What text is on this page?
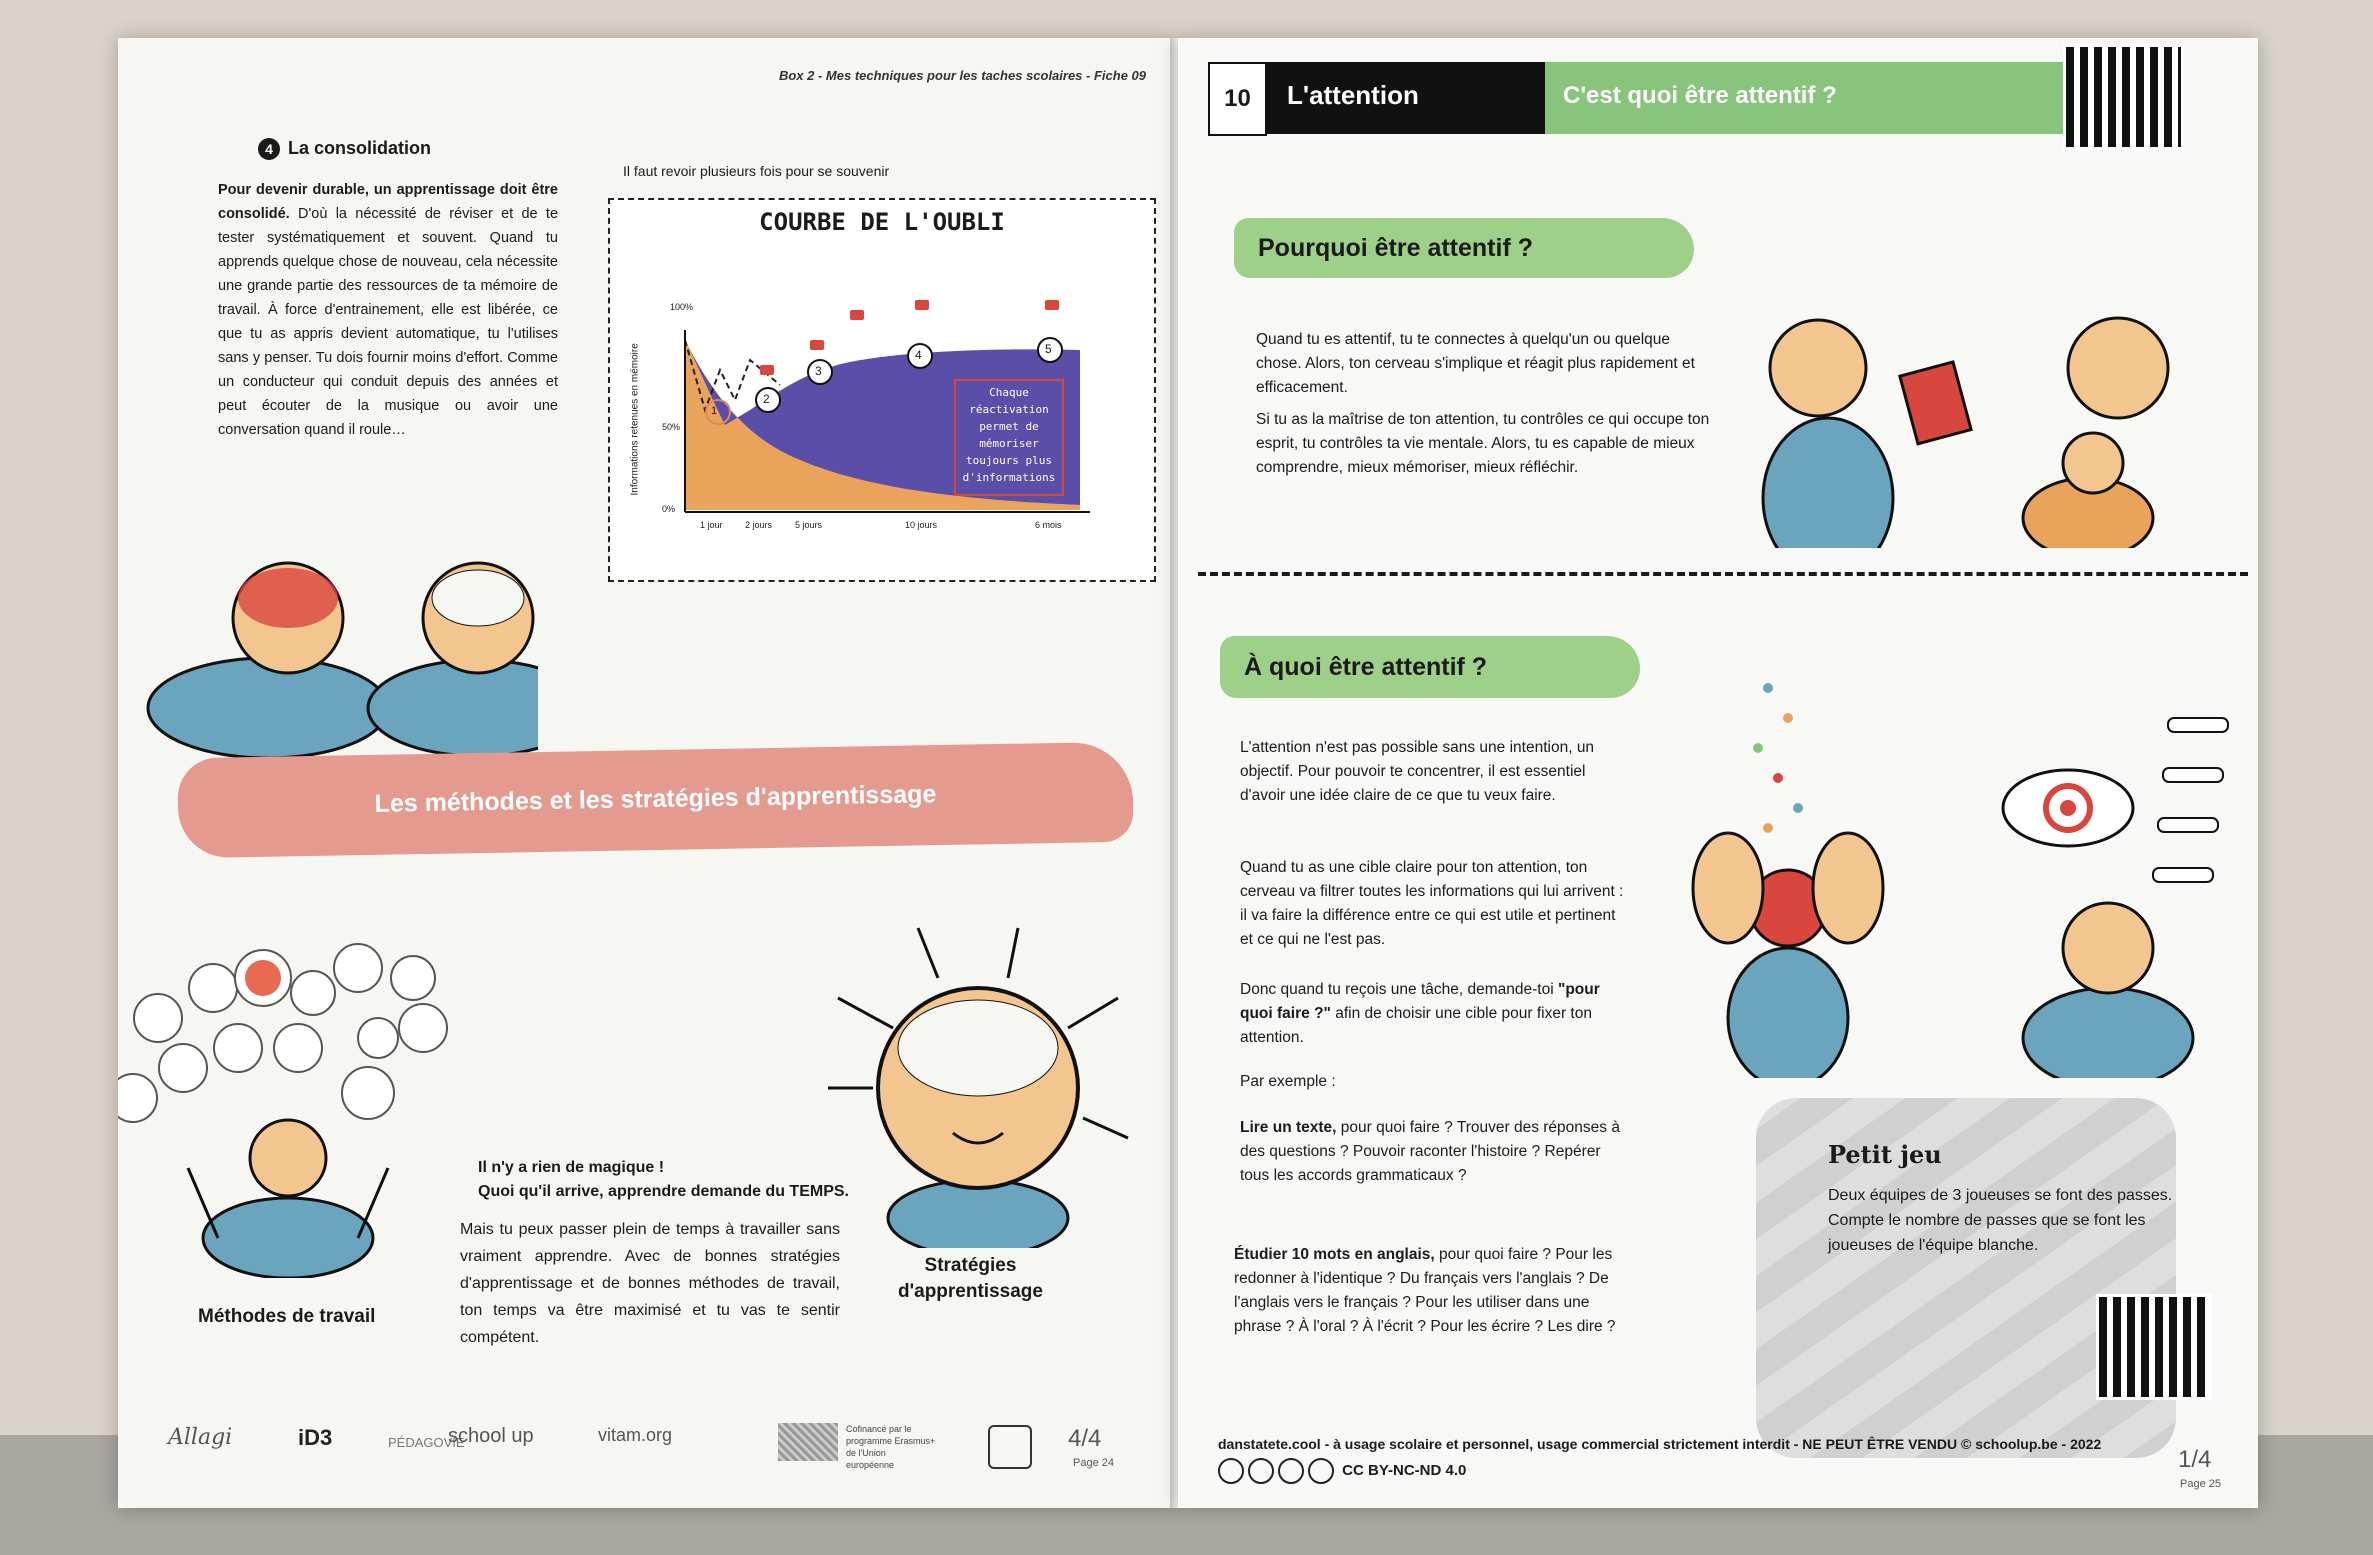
Box 2 - Mes techniques pour les taches scolaires - Fiche 09
4 La consolidation
Pour devenir durable, un apprentissage doit être consolidé. D'où la nécessité de réviser et de te tester systématiquement et souvent. Quand tu apprends quelque chose de nouveau, cela nécessite une grande partie des ressources de ta mémoire de travail. À force d'entrainement, elle est libérée, ce que tu as appris devient automatique, tu l'utilises sans y penser. Tu dois fournir moins d'effort. Comme un conducteur qui conduit depuis des années et peut écouter de la musique ou avoir une conversation quand il roule…
Il faut revoir plusieurs fois pour se souvenir
COURBE DE L'OUBLI
Chaque réactivation permet de mémoriser toujours plus d'informations
100%
50%
0%
Informations retenues en mémoire
1 jour 2 jours	5 jours	10 jours	6 mois
1
2
3
4	5
Les méthodes et les stratégies d'apprentissage
Il n'y a rien de magique !
Quoi qu'il arrive, apprendre demande du TEMPS.
Mais tu peux passer plein de temps à travailler sans vraiment apprendre. Avec de bonnes stratégies d'apprentissage et de bonnes méthodes de travail, ton temps va être maximisé et tu vas te sentir compétent.
Méthodes de travail
Stratégies
d'apprentissage
Allagi	iD3	PÉDAGOVIE
school up	vitam.org	Cofinancé par le programme Erasmus+ de l'Union européenne
4/4
Page 24
10	L'attention	C'est quoi être attentif ?
Pourquoi être attentif ?
Quand tu es attentif, tu te connectes à quelqu'un ou quelque chose. Alors, ton cerveau s'implique et réagit plus rapidement et efficacement.
Si tu as la maîtrise de ton attention, tu contrôles ce qui occupe ton esprit, tu contrôles ta vie mentale. Alors, tu es capable de mieux comprendre, mieux mémoriser, mieux réfléchir.
À quoi être attentif ?
L'attention n'est pas possible sans une intention, un objectif. Pour pouvoir te concentrer, il est essentiel d'avoir une idée claire de ce que tu veux faire.
Quand tu as une cible claire pour ton attention, ton cerveau va filtrer toutes les informations qui lui arrivent : il va faire la différence entre ce qui est utile et pertinent et ce qui ne l'est pas.
Donc quand tu reçois une tâche, demande-toi "pour quoi faire ?" afin de choisir une cible pour fixer ton attention.
Par exemple :
Lire un texte, pour quoi faire ? Trouver des réponses à des questions ? Pouvoir raconter l'histoire ? Repérer tous les accords grammaticaux ?
Étudier 10 mots en anglais, pour quoi faire ? Pour les redonner à l'identique ? Du français vers l'anglais ? De l'anglais vers le français ? Pour les utiliser dans une phrase ? À l'oral ? À l'écrit ? Pour les écrire ? Les dire ?
Petit jeu
Deux équipes de 3 joueuses se font des passes. Compte le nombre de passes que se font les joueuses de l'équipe blanche.
danstatete.cool - à usage scolaire et personnel, usage commercial strictement interdit - NE PEUT ÊTRE VENDU © schoolup.be - 2022
CC BY-NC-ND 4.0	1/4
Page 25
